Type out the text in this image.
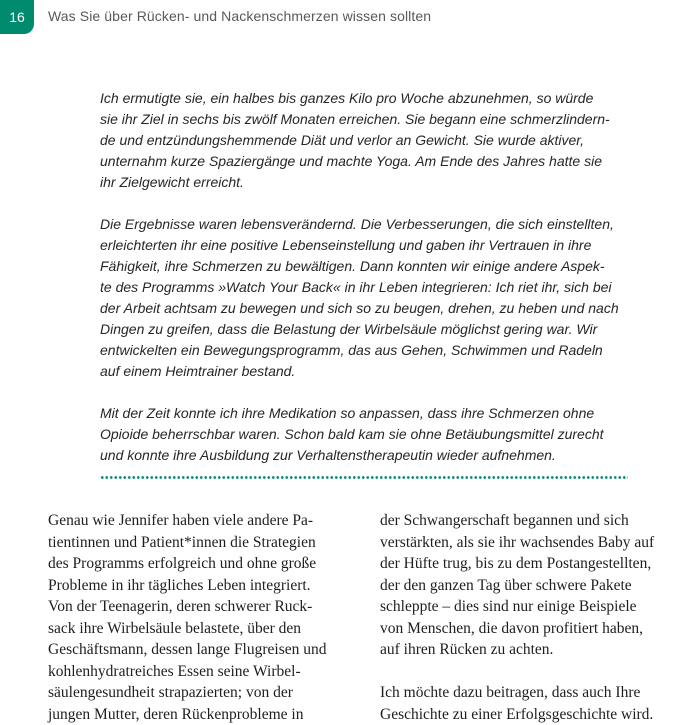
16	Was Sie über Rücken- und Nackenschmerzen wissen sollten

Ich ermutigte sie, ein halbes bis ganzes Kilo pro Woche abzunehmen, so würde
sie ihr Ziel in sechs bis zwölf Monaten erreichen. Sie begann eine schmerzlindern-
de und entzündungshemmende Diät und verlor an Gewicht. Sie wurde aktiver,
unternahm kurze Spaziergänge und machte Yoga. Am Ende des Jahres hatte sie
ihr Zielgewicht erreicht.

Die Ergebnisse waren lebensverändernd. Die Verbesserungen, die sich einstellten,
erleichterten ihr eine positive Lebenseinstellung und gaben ihr Vertrauen in ihre
Fähigkeit, ihre Schmerzen zu bewältigen. Dann konnten wir einige andere Aspek-
te des Programms »Watch Your Back« in ihr Leben integrieren: Ich riet ihr, sich bei
der Arbeit achtsam zu bewegen und sich so zu beugen, drehen, zu heben und nach
Dingen zu greifen, dass die Belastung der Wirbelsäule möglichst gering war. Wir
entwickelten ein Bewegungsprogramm, das aus Gehen, Schwimmen und Radeln
auf einem Heimtrainer bestand.

Mit der Zeit konnte ich ihre Medikation so anpassen, dass ihre Schmerzen ohne
Opioide beherrschbar waren. Schon bald kam sie ohne Betäubungsmittel zurecht
und konnte ihre Ausbildung zur Verhaltenstherapeutin wieder aufnehmen.

Genau wie Jennifer haben viele andere Pa-
tientinnen und Patient*innen die Strategien
des Programms erfolgreich und ohne große
Probleme in ihr tägliches Leben integriert.
Von der Teenagerin, deren schwerer Ruck-
sack ihre Wirbelsäule belastete, über den
Geschäftsmann, dessen lange Flugreisen und
kohlenhydratreiches Essen seine Wirbel-
säulengesundheit strapazierten; von der
jungen Mutter, deren Rückenprobleme in

der Schwangerschaft begannen und sich
verstärkten, als sie ihr wachsendes Baby auf
der Hüfte trug, bis zu dem Postangestellten,
der den ganzen Tag über schwere Pakete
schleppte – dies sind nur einige Beispiele
von Menschen, die davon profitiert haben,
auf ihren Rücken zu achten.

Ich möchte dazu beitragen, dass auch Ihre
Geschichte zu einer Erfolgsgeschichte wird.
